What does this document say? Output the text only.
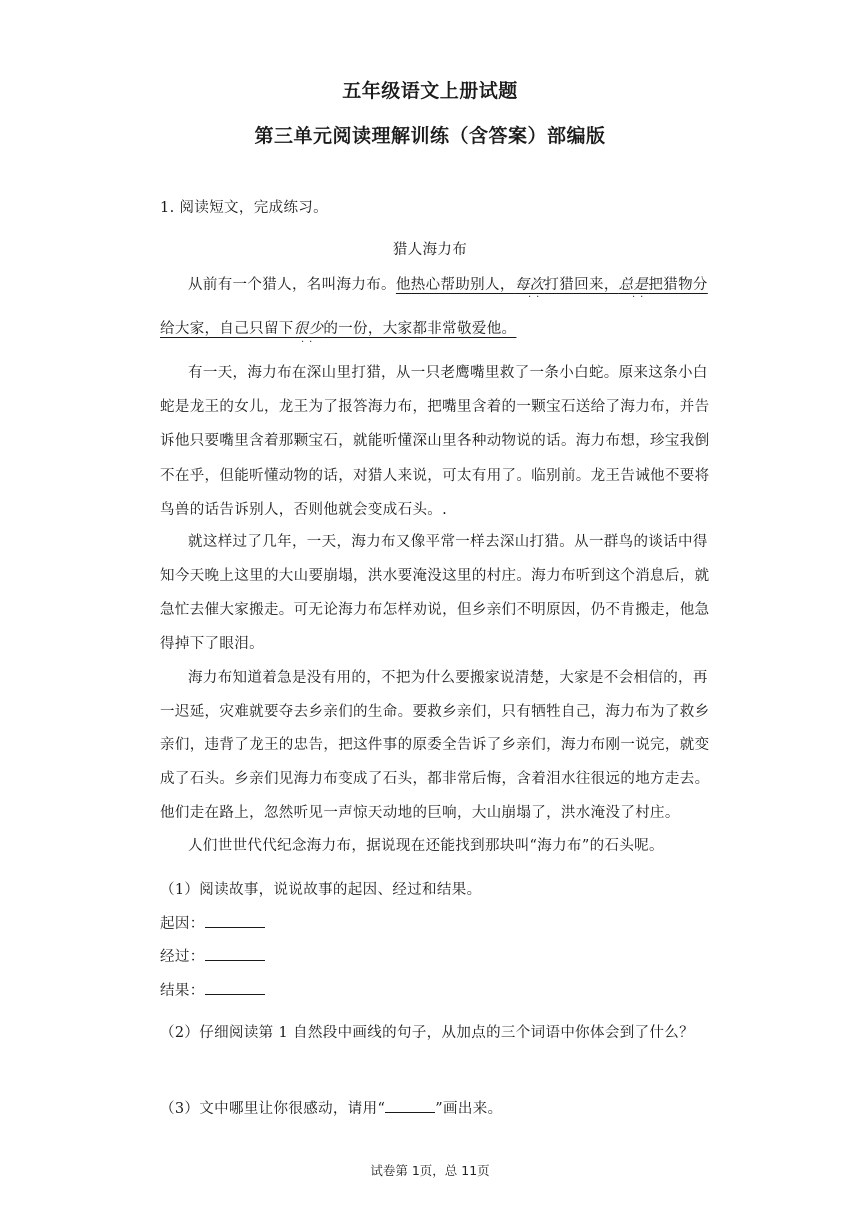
五年级语文上册试题
第三单元阅读理解训练（含答案）部编版
1. 阅读短文，完成练习。
猎人海力布
从前有一个猎人，名叫海力布。他热心帮助别人，每次打猎回来，总是把猎物分
··	··
给大家，自己只留下很少的一份，大家都非常敬爱他。
··
有一天，海力布在深山里打猎，从一只老鹰嘴里救了一条小白蛇。原来这条小白
蛇是龙王的女儿，龙王为了报答海力布，把嘴里含着的一颗宝石送给了海力布，并告
诉他只要嘴里含着那颗宝石，就能听懂深山里各种动物说的话。海力布想，珍宝我倒
不在乎，但能听懂动物的话，对猎人来说，可太有用了。临别前。龙王告诫他不要将
鸟兽的话告诉别人，否则他就会变成石头。.
就这样过了几年，一天，海力布又像平常一样去深山打猎。从一群鸟的谈话中得
知今天晚上这里的大山要崩塌，洪水要淹没这里的村庄。海力布听到这个消息后，就
急忙去催大家搬走。可无论海力布怎样劝说，但乡亲们不明原因，仍不肯搬走，他急
得掉下了眼泪。
海力布知道着急是没有用的，不把为什么要搬家说清楚，大家是不会相信的，再
一迟延，灾难就要夺去乡亲们的生命。要救乡亲们，只有牺牲自己，海力布为了救乡
亲们，违背了龙王的忠告，把这件事的原委全告诉了乡亲们，海力布刚一说完，就变
成了石头。乡亲们见海力布变成了石头，都非常后悔，含着泪水往很远的地方走去。
他们走在路上，忽然听见一声惊天动地的巨响，大山崩塌了，洪水淹没了村庄。
人们世世代代纪念海力布，据说现在还能找到那块叫“海力布”的石头呢。
（1）阅读故事，说说故事的起因、经过和结果。
起因：
经过：
结果：
（2）仔细阅读第 1 自然段中画线的句子，从加点的三个词语中你体会到了什么？
（3）文中哪里让你很感动，请用“	”画出来。
试卷第 1页，总 11页
